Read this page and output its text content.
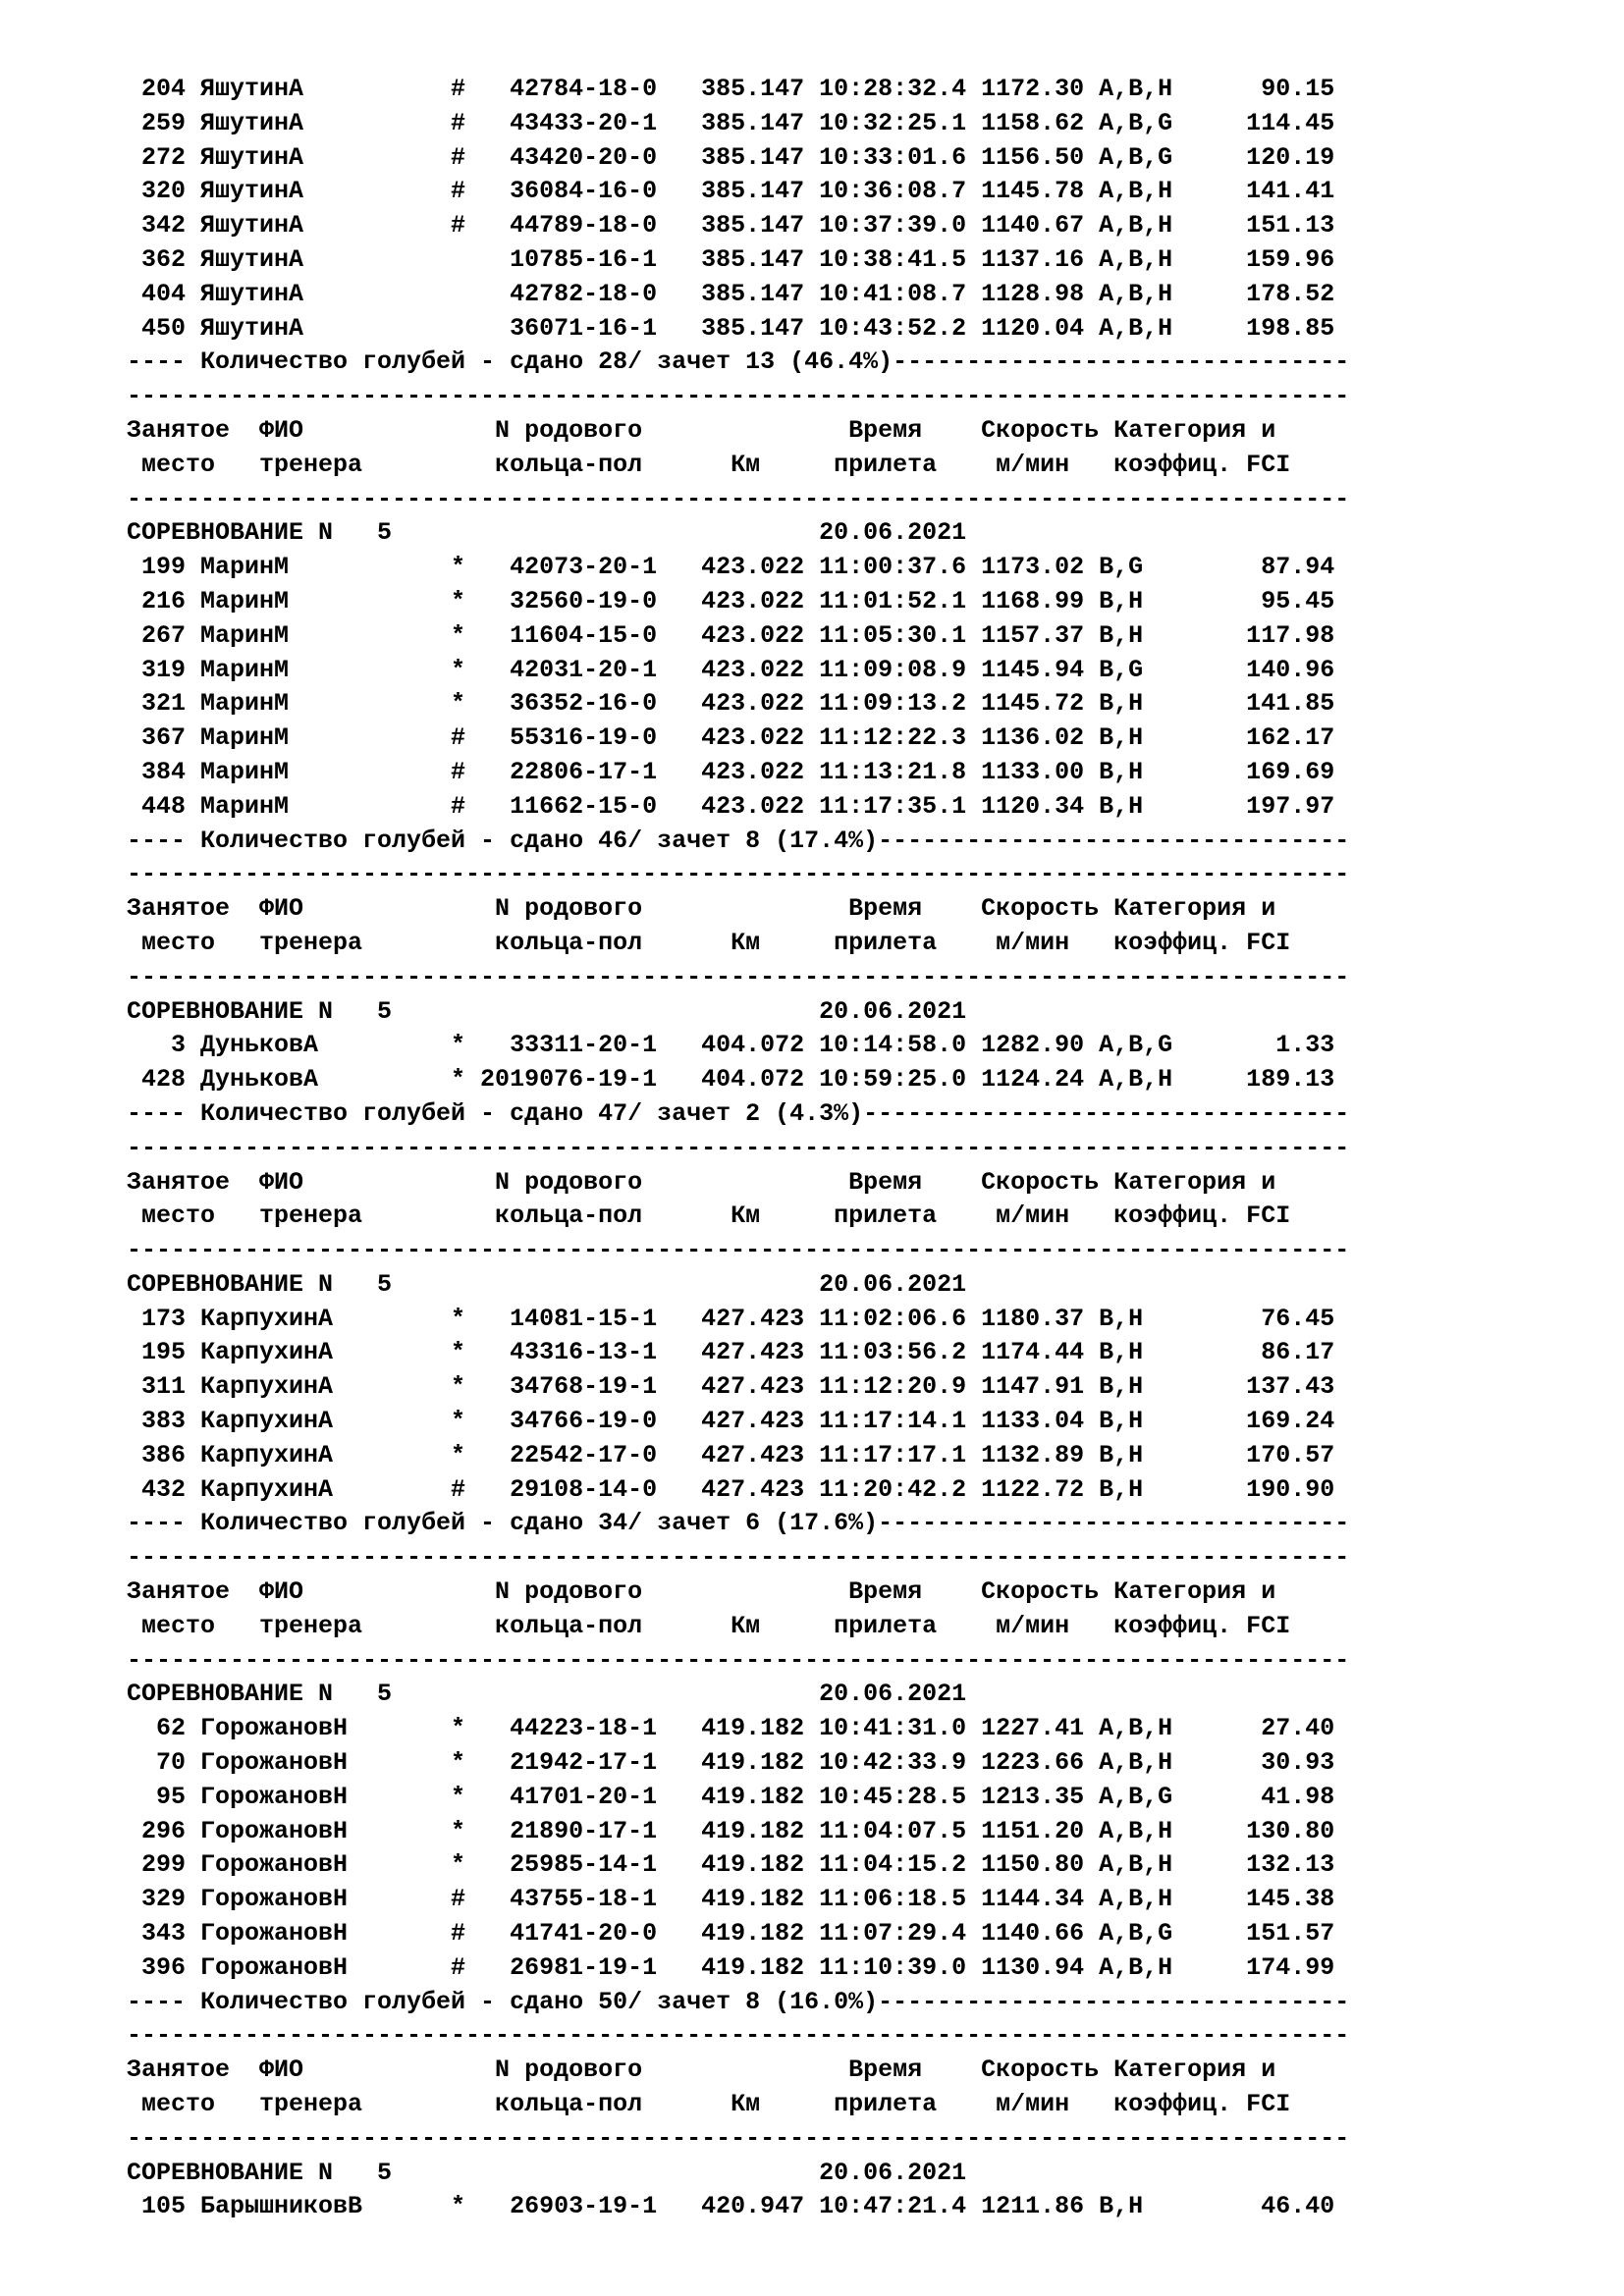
204 ЯшутинА          #   42784-18-0   385.147 10:28:32.4 1172.30 A,B,H      90.15
259 ЯшутинА          #   43433-20-1   385.147 10:32:25.1 1158.62 A,B,G     114.45
272 ЯшутинА          #   43420-20-0   385.147 10:33:01.6 1156.50 A,B,G     120.19
320 ЯшутинА          #   36084-16-0   385.147 10:36:08.7 1145.78 A,B,H     141.41
342 ЯшутинА          #   44789-18-0   385.147 10:37:39.0 1140.67 A,B,H     151.13
362 ЯшутинА              10785-16-1   385.147 10:38:41.5 1137.16 A,B,H     159.96
404 ЯшутинА              42782-18-0   385.147 10:41:08.7 1128.98 A,B,H     178.52
450 ЯшутинА              36071-16-1   385.147 10:43:52.2 1120.04 A,B,H     198.85
---- Количество голубей - сдано 28/ зачет 13 (46.4%)-------------------------------
-----------------------------------------------------------------------------------
Занятое  ФИО             N родового              Время    Скорость Категория и
место   тренера         кольца-пол      Км     прилета    м/мин   коэффиц. FCI
-----------------------------------------------------------------------------------
СОРЕВНОВАНИЕ N   5                             20.06.2021
199 МаринМ           *   42073-20-1   423.022 11:00:37.6 1173.02 B,G        87.94
216 МаринМ           *   32560-19-0   423.022 11:01:52.1 1168.99 B,H        95.45
267 МаринМ           *   11604-15-0   423.022 11:05:30.1 1157.37 B,H       117.98
319 МаринМ           *   42031-20-1   423.022 11:09:08.9 1145.94 B,G       140.96
321 МаринМ           *   36352-16-0   423.022 11:09:13.2 1145.72 B,H       141.85
367 МаринМ           #   55316-19-0   423.022 11:12:22.3 1136.02 B,H       162.17
384 МаринМ           #   22806-17-1   423.022 11:13:21.8 1133.00 B,H       169.69
448 МаринМ           #   11662-15-0   423.022 11:17:35.1 1120.34 B,H       197.97
---- Количество голубей - сдано 46/ зачет 8 (17.4%)--------------------------------
-----------------------------------------------------------------------------------
Занятое  ФИО             N родового              Время    Скорость Категория и
место   тренера         кольца-пол      Км     прилета    м/мин   коэффиц. FCI
-----------------------------------------------------------------------------------
СОРЕВНОВАНИЕ N   5                             20.06.2021
3 ДуньковА         *   33311-20-1   404.072 10:14:58.0 1282.90 A,B,G       1.33
428 ДуньковА         * 2019076-19-1   404.072 10:59:25.0 1124.24 A,B,H     189.13
---- Количество голубей - сдано 47/ зачет 2 (4.3%)---------------------------------
-----------------------------------------------------------------------------------
Занятое  ФИО             N родового              Время    Скорость Категория и
место   тренера         кольца-пол      Км     прилета    м/мин   коэффиц. FCI
-----------------------------------------------------------------------------------
СОРЕВНОВАНИЕ N   5                             20.06.2021
173 КарпухинА        *   14081-15-1   427.423 11:02:06.6 1180.37 B,H        76.45
195 КарпухинА        *   43316-13-1   427.423 11:03:56.2 1174.44 B,H        86.17
311 КарпухинА        *   34768-19-1   427.423 11:12:20.9 1147.91 B,H       137.43
383 КарпухинА        *   34766-19-0   427.423 11:17:14.1 1133.04 B,H       169.24
386 КарпухинА        *   22542-17-0   427.423 11:17:17.1 1132.89 B,H       170.57
432 КарпухинА        #   29108-14-0   427.423 11:20:42.2 1122.72 B,H       190.90
---- Количество голубей - сдано 34/ зачет 6 (17.6%)--------------------------------
-----------------------------------------------------------------------------------
Занятое  ФИО             N родового              Время    Скорость Категория и
место   тренера         кольца-пол      Км     прилета    м/мин   коэффиц. FCI
-----------------------------------------------------------------------------------
СОРЕВНОВАНИЕ N   5                             20.06.2021
62 ГорожановН       *   44223-18-1   419.182 10:41:31.0 1227.41 A,B,H      27.40
70 ГорожановН       *   21942-17-1   419.182 10:42:33.9 1223.66 A,B,H      30.93
95 ГорожановН       *   41701-20-1   419.182 10:45:28.5 1213.35 A,B,G      41.98
296 ГорожановН       *   21890-17-1   419.182 11:04:07.5 1151.20 A,B,H     130.80
299 ГорожановН       *   25985-14-1   419.182 11:04:15.2 1150.80 A,B,H     132.13
329 ГорожановН       #   43755-18-1   419.182 11:06:18.5 1144.34 A,B,H     145.38
343 ГорожановН       #   41741-20-0   419.182 11:07:29.4 1140.66 A,B,G     151.57
396 ГорожановН       #   26981-19-1   419.182 11:10:39.0 1130.94 A,B,H     174.99
---- Количество голубей - сдано 50/ зачет 8 (16.0%)--------------------------------
-----------------------------------------------------------------------------------
Занятое  ФИО             N родового              Время    Скорость Категория и
место   тренера         кольца-пол      Км     прилета    м/мин   коэффиц. FCI
-----------------------------------------------------------------------------------
СОРЕВНОВАНИЕ N   5                             20.06.2021
105 БарышниковВ      *   26903-19-1   420.947 10:47:21.4 1211.86 B,H        46.40
